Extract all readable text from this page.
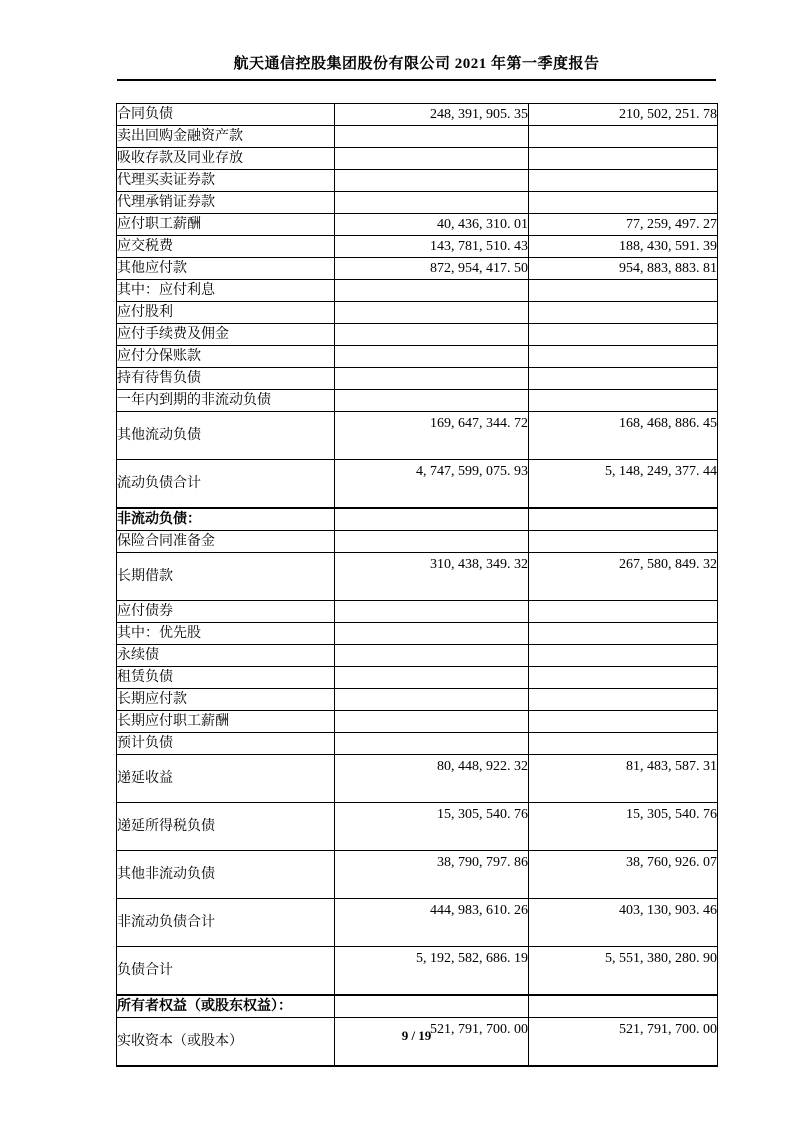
航天通信控股集团股份有限公司 2021 年第一季度报告
合同负债	248, 391, 905. 35	210, 502, 251. 78
卖出回购金融资产款		
吸收存款及同业存放		
代理买卖证券款		
代理承销证券款		
应付职工薪酬	40, 436, 310. 01	77, 259, 497. 27
应交税费	143, 781, 510. 43	188, 430, 591. 39
其他应付款	872, 954, 417. 50	954, 883, 883. 81
其中：应付利息		
应付股利		
应付手续费及佣金		
应付分保账款		
持有待售负债		
一年内到期的非流动负债		
其他流动负债	169, 647, 344. 72	168, 468, 886. 45
流动负债合计	4, 747, 599, 075. 93	5, 148, 249, 377. 44
非流动负债：		
保险合同准备金		
长期借款	310, 438, 349. 32	267, 580, 849. 32
应付债券		
其中：优先股		
永续债		
租赁负债		
长期应付款		
长期应付职工薪酬		
预计负债		
递延收益	80, 448, 922. 32	81, 483, 587. 31
递延所得税负债	15, 305, 540. 76	15, 305, 540. 76
其他非流动负债	38, 790, 797. 86	38, 760, 926. 07
非流动负债合计	444, 983, 610. 26	403, 130, 903. 46
负债合计	5, 192, 582, 686. 19	5, 551, 380, 280. 90
所有者权益（或股东权益）：		
实收资本（或股本）	521, 791, 700. 00	521, 791, 700. 00
9 / 19
